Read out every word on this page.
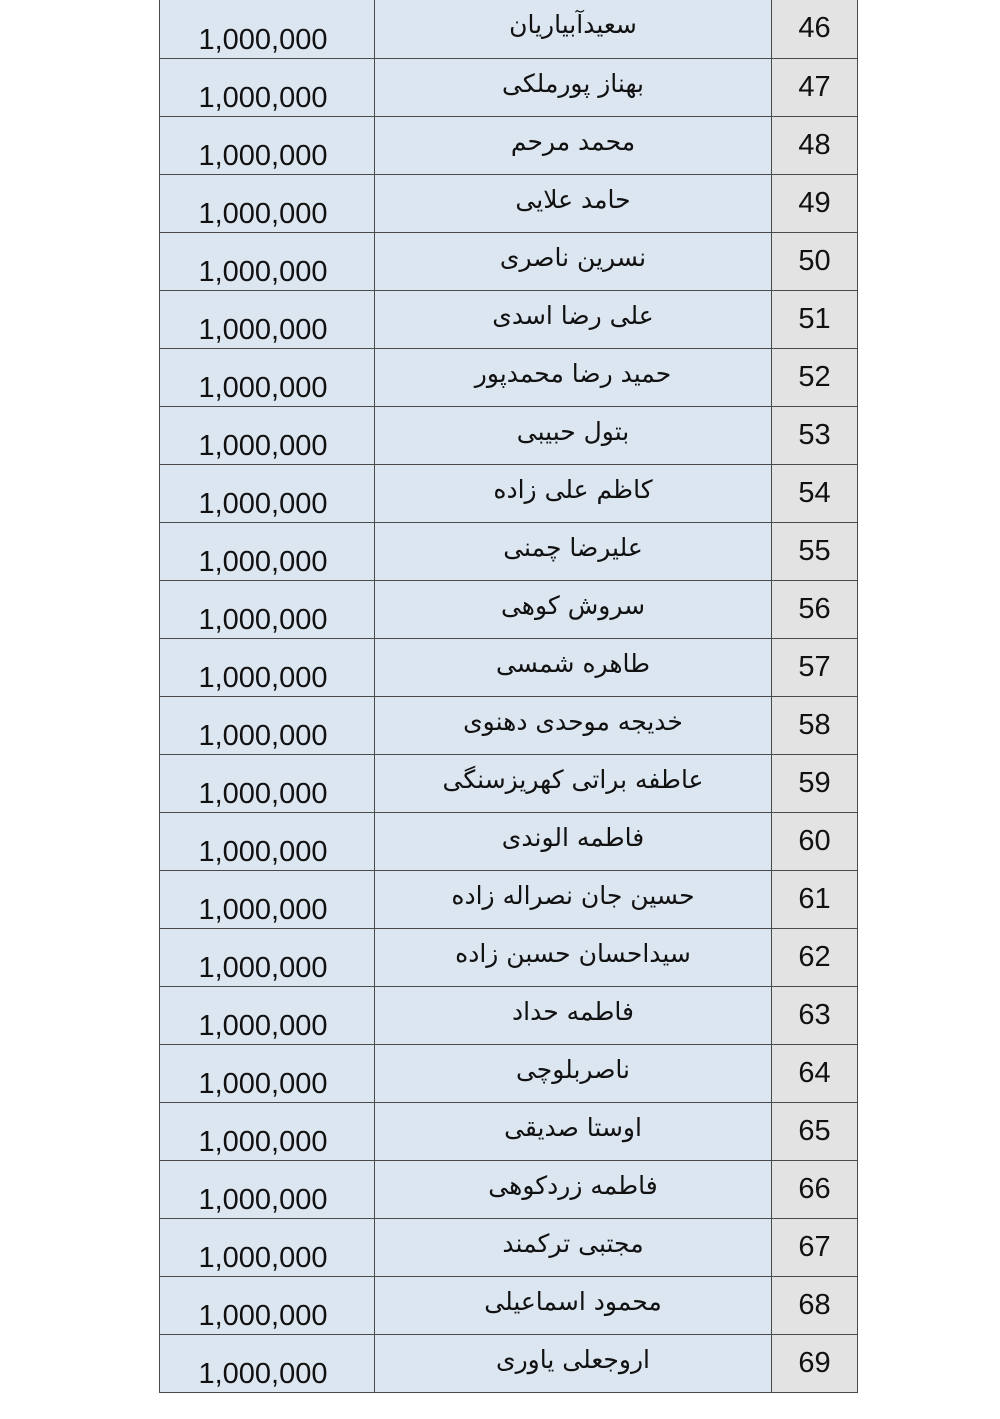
1,000,000	سعیدآبیاریان	46

1,000,000	بهناز پورملکی	47

1,000,000	محمد مرحم	48

1,000,000	حامد علایی	49

1,000,000	نسرین ناصری	50

1,000,000	علی رضا اسدی	51

1,000,000	حمید رضا محمدپور	52

1,000,000	بتول حبیبی	53

1,000,000	کاظم علی زاده	54

1,000,000	علیرضا چمنی	55

1,000,000	سروش کوهی	56

1,000,000	طاهره شمسی	57

1,000,000	خدیجه موحدی دهنوی	58

1,000,000	عاطفه براتی کهریزسنگی	59

1,000,000	فاطمه الوندی	60

1,000,000	حسین جان نصراله زاده	61

1,000,000	سیداحسان حسبن زاده	62

1,000,000	فاطمه حداد	63

1,000,000	ناصربلوچی	64

1,000,000	اوستا صدیقی	65

1,000,000	فاطمه زردکوهی	66

1,000,000	مجتبی ترکمند	67

1,000,000	محمود اسماعیلی	68

1,000,000	اروجعلی یاوری	69
